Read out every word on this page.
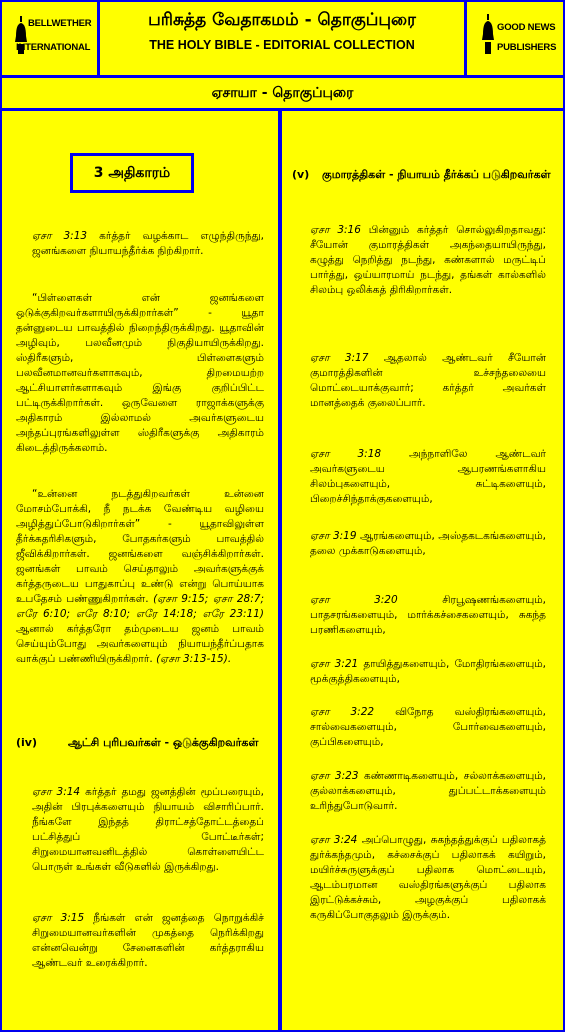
BELLWETHER
INTERNATIONAL
பரிசுத்த வேதாகமம் - தொகுப்புரை
THE HOLY BIBLE - EDITORIAL COLLECTION
GOOD NEWS
PUBLISHERS
ஏசாயா - தொகுப்புரை
3 அதிகாரம்
ஏசா 3:13 கர்த்தர் வழக்காட எழுந்திருந்து, ஜனங்களை நியாயந்தீர்க்க நிற்கிறார்.
“பிள்ளைகள் என் ஜனங்களை ஒடுக்குகிறவர்களாயிருக்கிறார்கள்” - யூதா தன்னுடைய பாவத்தில் நிறைந்திருக்கிறது. யூதாவின் அழிவும், பலவீனமும் நிகுதியாயிருக்கிறது. ஸ்திரீகளும், பிள்ளைகளும் பலவீனமானவர்களாகவும், திறமையற்ற ஆட்சியாளர்களாகவும் இங்கு குறிப்பிட்ட பட்டிருக்கிறார்கள். ஒருவேளை ராஜாக்களுக்கு அதிகாரம் இல்லாமல் அவர்களுடைய அந்தப்புரங்களிலுள்ள ஸ்திரீகளுக்கு அதிகாரம் கிடைத்திருக்கலாம்.
“உன்னை நடத்துகிறவர்கள் உன்னை மோசம்போக்கி, நீ நடக்க வேண்டிய வழியை அழித்துப்போடுகிறார்கள்” - யூதாவிலுள்ள தீர்க்கதரிசிகளும், போதகர்களும் பாவத்தில் ஜீவிக்கிறார்கள். ஜனங்களை வஞ்சிக்கிறார்கள். ஜனங்கள் பாவம் செய்தாலும் அவர்களுக்குக் கர்த்தருடைய பாதுகாப்பு உண்டு என்று பொய்யாக உபதேசம் பண்ணுகிறார்கள். (ஏசா 9:15; ஏசா 28:7; எரே 6:10; எரே 8:10; எரே 14:18; எரே 23:11) ஆனால் கர்த்தரோ தம்முடைய ஜனம் பாவம் செய்யும்போது அவர்களையும் நியாயந்தீர்ப்பதாக வாக்குப் பண்ணியிருக்கிறார். (ஏசா 3:13-15).
(iv)	ஆட்சி புரிபவர்கள் - ஒடுக்குகிறவர்கள்
ஏசா 3:14 கர்த்தர் தமது ஜனத்தின் மூப்பரையும், அதின் பிரபுக்களையும் நியாயம் விசாரிப்பார். நீங்களே இந்தத் திராட்சத்தோட்டத்தைப் பட்சித்துப் போட்டீர்கள்; சிறுமையானவனிடத்தில் கொள்ளையிட்ட பொருள் உங்கள் வீடுகளில் இருக்கிறது.
ஏசா 3:15 நீங்கள் என் ஜனத்தை நொறுக்கிச் சிறுமையானவர்களின் முகத்தை நெரிக்கிறது என்னவென்று சேனைகளின் கர்த்தராகிய ஆண்டவர் உரைக்கிறார்.
(v) குமாரத்திகள் - நியாயம் தீர்க்கப் படுகிறவர்கள்
ஏசா 3:16 பின்னும் கர்த்தர் சொல்லுகிறதாவது: சீயோன் குமாரத்திகள் அகந்தையாயிருந்து, கழுத்து நெறித்து நடந்து, கண்களால் மருட்டிப் பார்த்து, ஒய்யாரமாய் நடந்து, தங்கள் கால்களில் சிலம்பு ஒலிக்கத் திரிகிறார்கள்.
ஏசா 3:17 ஆதலால் ஆண்டவர் சீயோன் குமாரத்திகளின் உச்சந்தலையை மொட்டையாக்குவார்; கர்த்தர் அவர்கள் மானத்தைக் குலைப்பார்.
ஏசா 3:18 அந்நாளிலே ஆண்டவர் அவர்களுடைய ஆபரணங்களாகிய சிலம்புகளையும், சுட்டிகளையும், பிறைச்சிந்தாக்குகளையும்,
ஏசா 3:19 ஆரங்களையும், அஸ்தகடகங்களையும், தலை முக்காடுகளையும்,
ஏசா 3:20 சிரபூஷணங்களையும், பாதசரங்களையும், மார்க்கச்சைகளையும், சுகந்த பரணிகளையும்,
ஏசா 3:21 தாயித்துகளையும், மோதிரங்களையும், மூக்குத்திகளையும்,
ஏசா 3:22 விநோத வஸ்திரங்களையும், சால்வைகளையும், போர்வைகளையும், குப்பிகளையும்,
ஏசா 3:23 கண்ணாடிகளையும், சல்லாக்களையும், குல்லாக்களையும், துப்பட்டாக்களையும் உரிந்துபோடுவார்.
ஏசா 3:24 அப்பொழுது, சுகந்தத்துக்குப் பதிலாகத் துர்க்கந்தமும், கச்சைக்குப் பதிலாகக் கயிறும், மயிர்ச்சுருளுக்குப் பதிலாக மொட்டையும், ஆடம்பரமான வஸ்திரங்களுக்குப் பதிலாக இரட்டுக்கச்சும், அழகுக்குப் பதிலாகக் கருகிப்போகுதலும் இருக்கும்.
